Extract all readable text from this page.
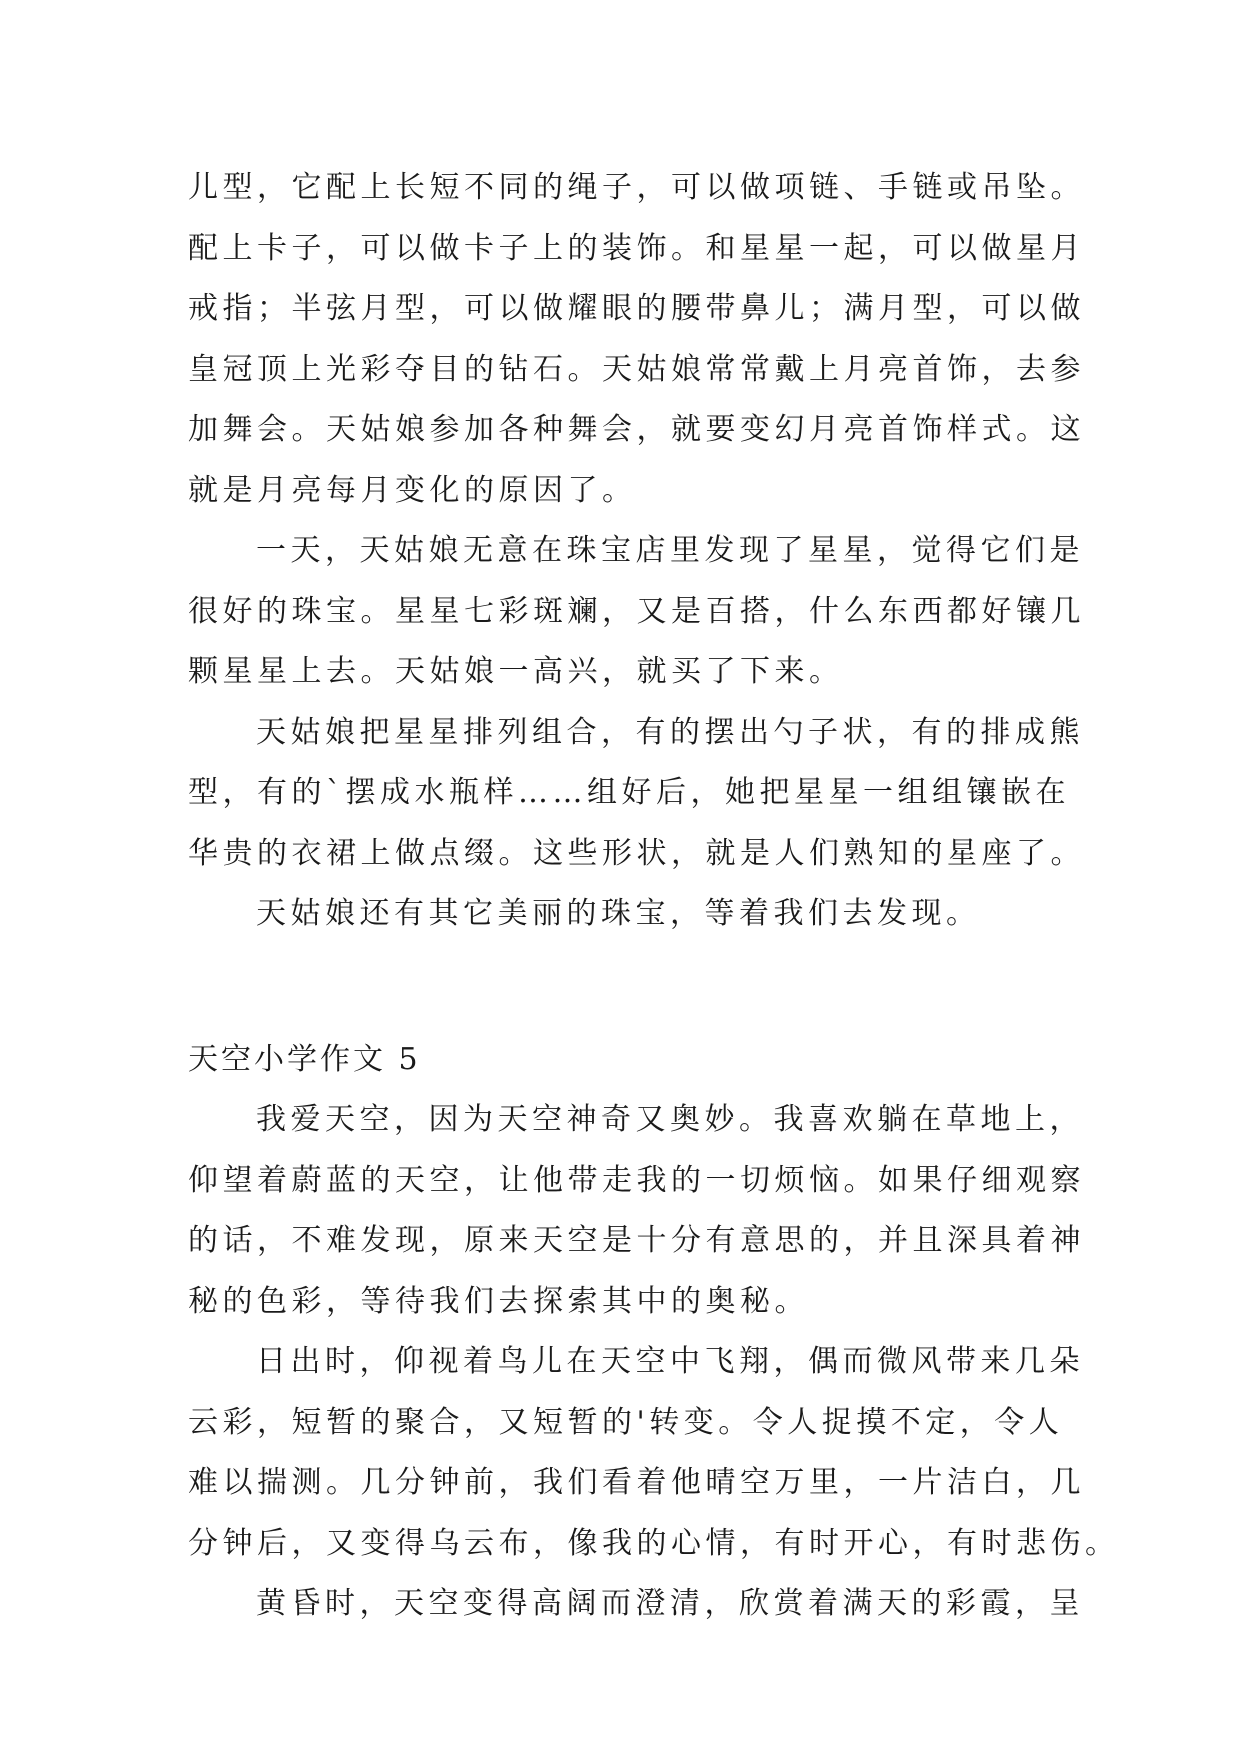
儿型，它配上长短不同的绳子，可以做项链、手链或吊坠。
配上卡子，可以做卡子上的装饰。和星星一起，可以做星月
戒指；半弦月型，可以做耀眼的腰带鼻儿；满月型，可以做
皇冠顶上光彩夺目的钻石。天姑娘常常戴上月亮首饰，去参
加舞会。天姑娘参加各种舞会，就要变幻月亮首饰样式。这
就是月亮每月变化的原因了。
一天，天姑娘无意在珠宝店里发现了星星，觉得它们是
很好的珠宝。星星七彩斑斓，又是百搭，什么东西都好镶几
颗星星上去。天姑娘一高兴，就买了下来。
天姑娘把星星排列组合，有的摆出勺子状，有的排成熊
型，有的`摆成水瓶样……组好后，她把星星一组组镶嵌在
华贵的衣裙上做点缀。这些形状，就是人们熟知的星座了。
天姑娘还有其它美丽的珠宝，等着我们去发现。
天空小学作文 5
我爱天空，因为天空神奇又奥妙。我喜欢躺在草地上，
仰望着蔚蓝的天空，让他带走我的一切烦恼。如果仔细观察
的话，不难发现，原来天空是十分有意思的，并且深具着神
秘的色彩，等待我们去探索其中的奥秘。
日出时，仰视着鸟儿在天空中飞翔，偶而微风带来几朵
云彩，短暂的聚合，又短暂的'转变。令人捉摸不定，令人
难以揣测。几分钟前，我们看着他晴空万里，一片洁白，几
分钟后，又变得乌云布，像我的心情，有时开心，有时悲伤。
黄昏时，天空变得高阔而澄清，欣赏着满天的彩霞，呈
